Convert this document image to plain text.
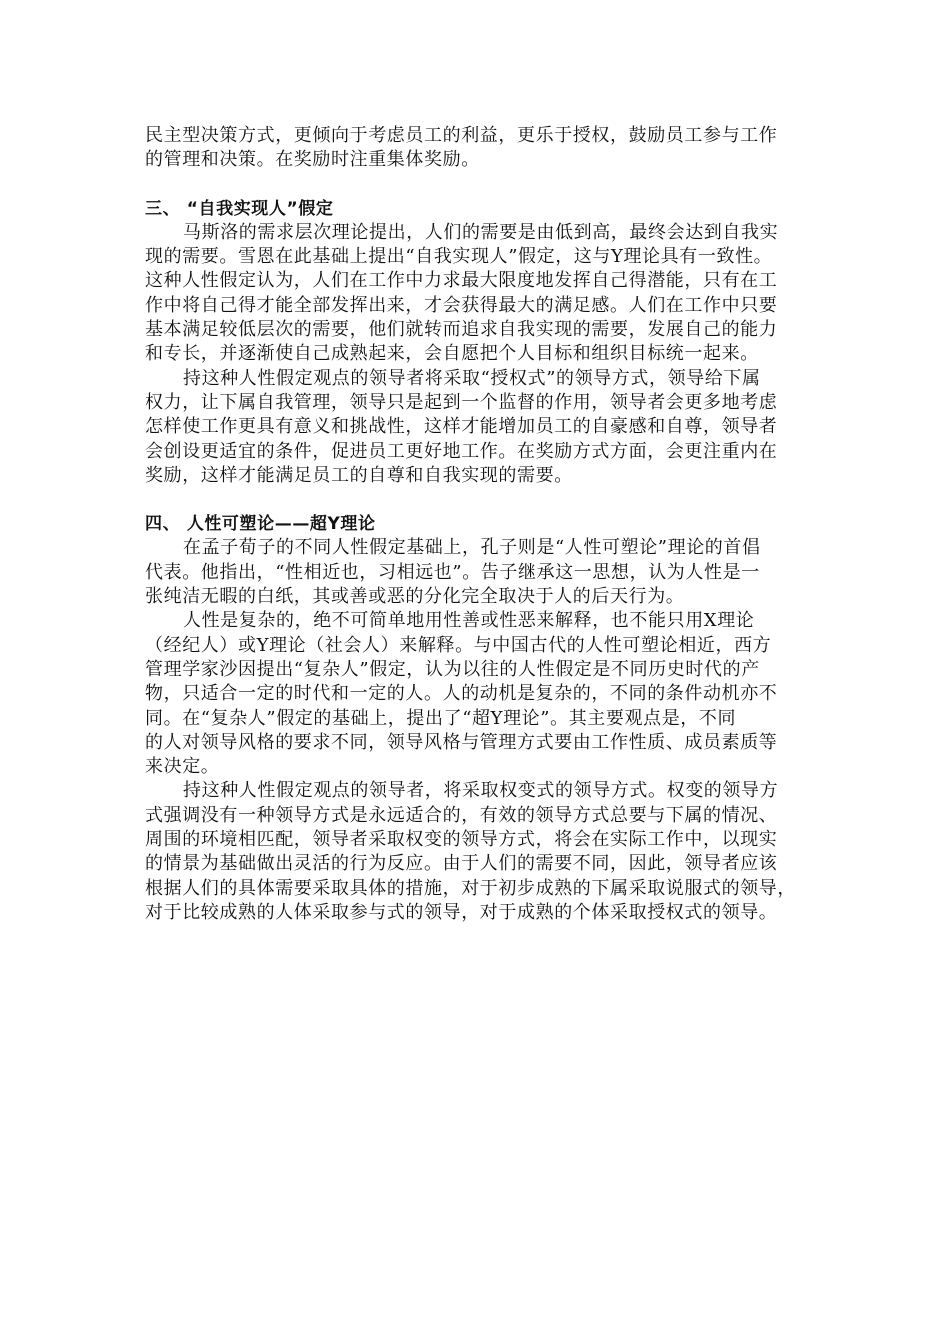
民主型决策方式，更倾向于考虑员工的利益，更乐于授权，鼓励员工参与工作
的管理和决策。在奖励时注重集体奖励。
三、 “自我实现人”假定
马斯洛的需求层次理论提出，人们的需要是由低到高，最终会达到自我实
现的需要。雪恩在此基础上提出“自我实现人”假定，这与Y理论具有一致性。
这种人性假定认为，人们在工作中力求最大限度地发挥自己得潜能，只有在工
作中将自己得才能全部发挥出来，才会获得最大的满足感。人们在工作中只要
基本满足较低层次的需要，他们就转而追求自我实现的需要，发展自己的能力
和专长，并逐渐使自己成熟起来，会自愿把个人目标和组织目标统一起来。
持这种人性假定观点的领导者将采取“授权式”的领导方式，领导给下属
权力，让下属自我管理，领导只是起到一个监督的作用，领导者会更多地考虑
怎样使工作更具有意义和挑战性，这样才能增加员工的自豪感和自尊，领导者
会创设更适宜的条件，促进员工更好地工作。在奖励方式方面，会更注重内在
奖励，这样才能满足员工的自尊和自我实现的需要。
四、 人性可塑论——超Y理论
在孟子荀子的不同人性假定基础上，孔子则是“人性可塑论”理论的首倡
代表。他指出，“性相近也，习相远也”。告子继承这一思想，认为人性是一
张纯洁无暇的白纸，其或善或恶的分化完全取决于人的后天行为。
人性是复杂的，绝不可简单地用性善或性恶来解释，也不能只用X理论
（经纪人）或Y理论（社会人）来解释。与中国古代的人性可塑论相近，西方
管理学家沙因提出“复杂人”假定，认为以往的人性假定是不同历史时代的产
物，只适合一定的时代和一定的人。人的动机是复杂的，不同的条件动机亦不
同。在“复杂人”假定的基础上，提出了“超Y理论”。其主要观点是，不同
的人对领导风格的要求不同，领导风格与管理方式要由工作性质、成员素质等
来决定。
持这种人性假定观点的领导者，将采取权变式的领导方式。权变的领导方
式强调没有一种领导方式是永远适合的，有效的领导方式总要与下属的情况、
周围的环境相匹配，领导者采取权变的领导方式，将会在实际工作中，以现实
的情景为基础做出灵活的行为反应。由于人们的需要不同，因此，领导者应该
根据人们的具体需要采取具体的措施，对于初步成熟的下属采取说服式的领导，
对于比较成熟的人体采取参与式的领导，对于成熟的个体采取授权式的领导。
